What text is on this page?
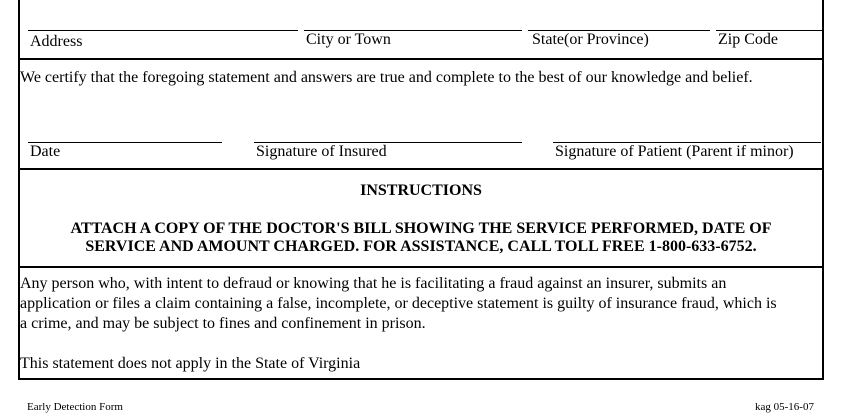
Address	City or Town	State(or Province)	Zip Code
We certify that the foregoing statement and answers are true and complete to the best of our knowledge and belief.
Date	Signature of Insured	Signature of Patient (Parent if minor)
INSTRUCTIONS
ATTACH A COPY OF THE DOCTOR'S BILL SHOWING THE SERVICE PERFORMED, DATE OF
SERVICE AND AMOUNT CHARGED. FOR ASSISTANCE, CALL TOLL FREE 1-800-633-6752.
Any person who, with intent to defraud or knowing that he is facilitating a fraud against an insurer, submits an
application or files a claim containing a false, incomplete, or deceptive statement is guilty of insurance fraud, which is
a crime, and may be subject to fines and confinement in prison.
This statement does not apply in the State of Virginia
Early Detection Form	kag 05-16-07
